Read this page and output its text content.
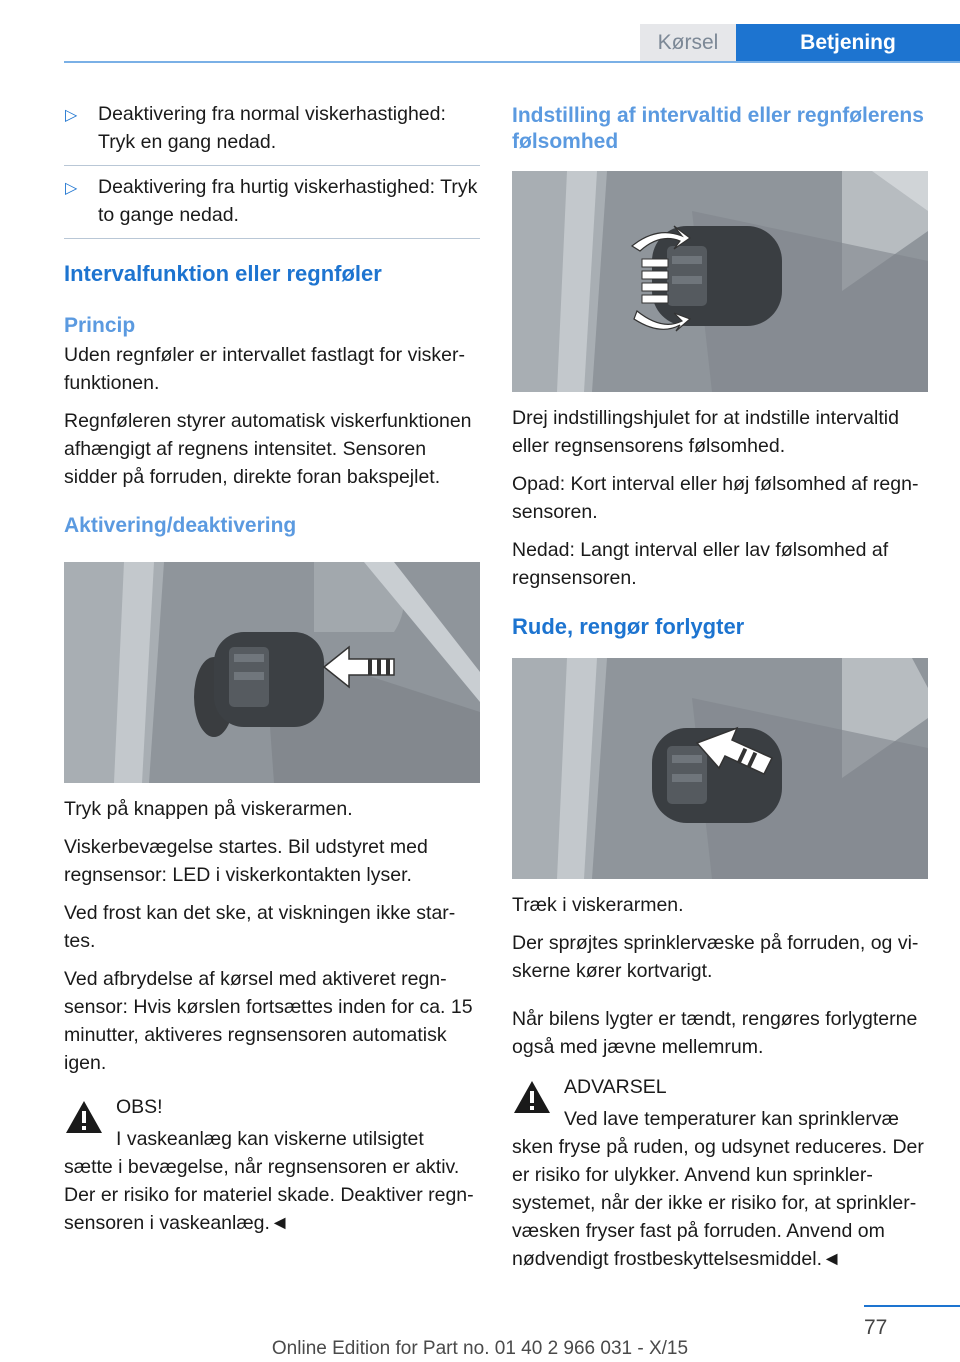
Kørsel	Betjening
▷ Deaktivering fra normal viskerhastighed: Tryk en gang nedad.
▷ Deaktivering fra hurtig viskerhastighed: Tryk to gange nedad.
Intervalfunktion eller regnføler
Princip

Uden regnføler er intervallet fastlagt for viskerfunktionen.

Regnføleren styrer automatisk viskerfunktionen afhængigt af regnens intensitet. Sensoren sidder på forruden, direkte foran bakspejlet.

Aktivering/deaktivering

Tryk på knappen på viskerarmen.

Viskerbevægelse startes. Bil udstyret med regnsensor: LED i viskerkontakten lyser.

Ved frost kan det ske, at viskningen ikke startes.

Ved afbrydelse af kørsel med aktiveret regnsensor: Hvis kørslen fortsættes inden for ca. 15 minutter, aktiveres regnsensoren automatisk igen.

OBS!

I vaskeanlæg kan viskerne utilsigtet

sætte i bevægelse, når regnsensoren er aktiv. Der er risiko for materiel skade. Deaktiver regnsensoren i vaskeanlæg.◄

Indstilling af intervaltid eller regnfølerens følsomhed

Drej indstillingshjulet for at indstille intervaltid eller regnsensorens følsomhed.

Opad: Kort interval eller høj følsomhed af regnsensoren.

Nedad: Langt interval eller lav følsomhed af regnsensoren.

Rude, rengør forlygter

Træk i viskerarmen.

Der sprøjtes sprinklervæske på forruden, og viskerne kører kortvarigt.

Når bilens lygter er tændt, rengøres forlygterne også med jævne mellemrum.

ADVARSEL

Ved lave temperaturer kan sprinklervæ

sken fryse på ruden, og udsynet reduceres. Der er risiko for ulykker. Anvend kun sprinklersystemet, når der ikke er risiko for, at sprinklervæsken fryser fast på forruden. Anvend om nødvendigt frostbeskyttelsesmiddel.◄

77
Online Edition for Part no. 01 40 2 966 031 - X/15
